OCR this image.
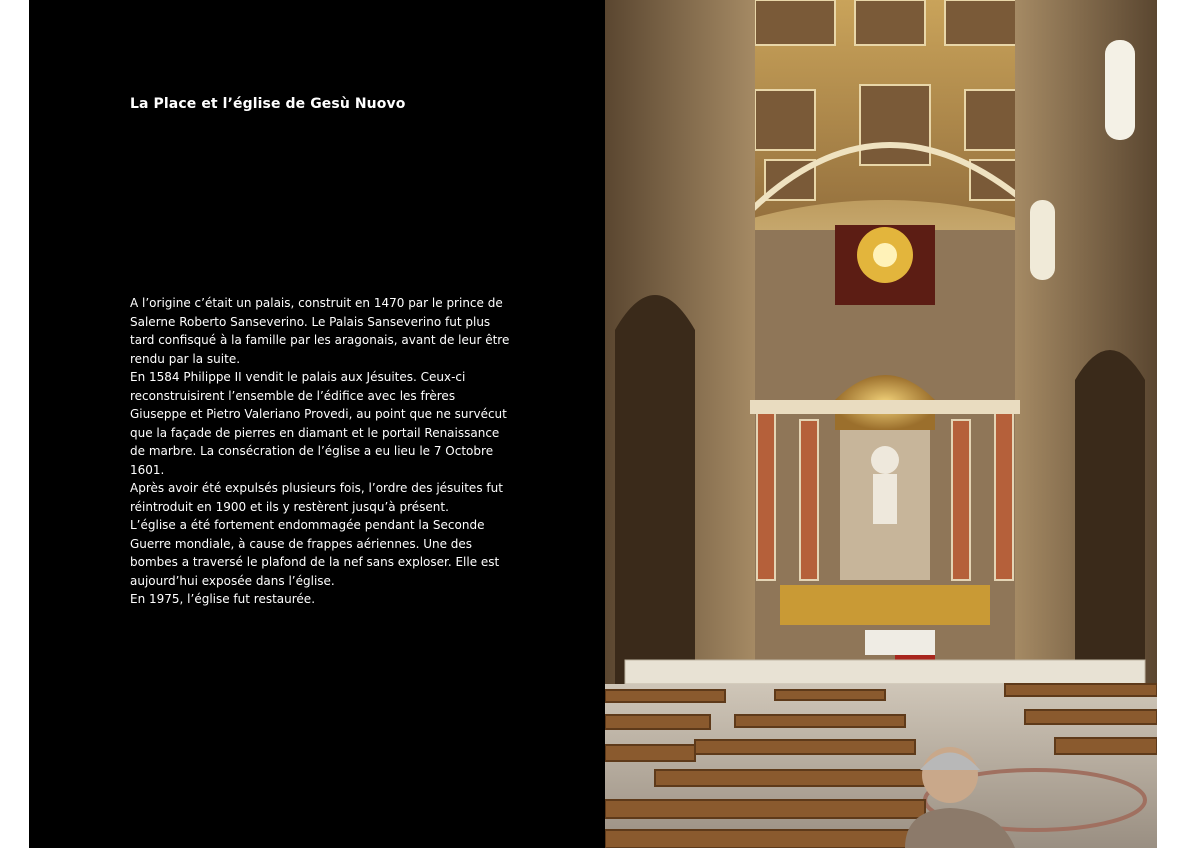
La Place et l’église de Gesù Nuovo

A l’origine c’était un palais, construit en 1470 par le prince de Salerne Roberto Sanseverino. Le Palais Sanseverino fut plus tard confisqué à la famille par les aragonais, avant de leur être rendu par la suite.

En 1584 Philippe II vendit le palais aux Jésuites. Ceux-ci reconstruisirent l’ensemble de l’édifice avec les frères Giuseppe et Pietro Valeriano Provedi, au point que ne survécut que la façade de pierres en diamant et le portail Renaissance de marbre. La consécration de l’église a eu lieu le 7 Octobre 1601.

Après avoir été expulsés plusieurs fois, l’ordre des jésuites fut réintroduit en 1900 et ils y restèrent jusqu’à présent.

L’église a été fortement endommagée pendant la Seconde Guerre mondiale, à cause de frappes aériennes. Une des bombes a traversé le plafond de la nef sans exploser. Elle est aujourd’hui exposée dans l’église.

En 1975, l’église fut restaurée.
